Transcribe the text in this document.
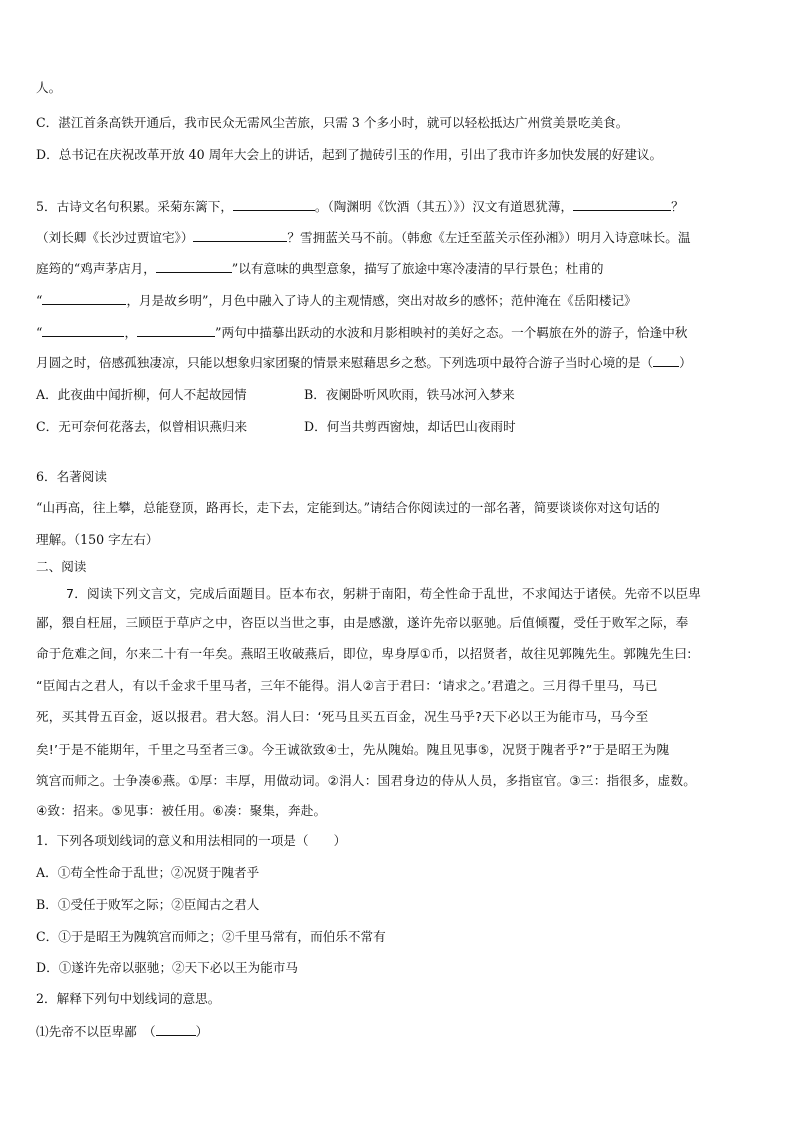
人。
C．湛江首条高铁开通后，我市民众无需风尘苦旅，只需 3 个多小时，就可以轻松抵达广州赏美景吃美食。
D．总书记在庆祝改革开放 40 周年大会上的讲话，起到了抛砖引玉的作用，引出了我市许多加快发展的好建议。
5．古诗文名句积累。采菊东篱下，	。（陶渊明《饮酒（其五）》）汉文有道恩犹薄，	？
（刘长卿《长沙过贾谊宅》）	？雪拥蓝关马不前。（韩愈《左迁至蓝关示侄孙湘》）明月入诗意味长。温
庭筠的“鸡声茅店月，	”以有意味的典型意象，描写了旅途中寒冷凄清的早行景色；杜甫的
“	，月是故乡明”，月色中融入了诗人的主观情感，突出对故乡的感怀；范仲淹在《岳阳楼记》
“	，	”两句中描摹出跃动的水波和月影相映衬的美好之态。一个羁旅在外的游子，恰逢中秋
月圆之时，倍感孤独凄凉，只能以想象归家团聚的情景来慰藉思乡之愁。下列选项中最符合游子当时心境的是（ ）
A．此夜曲中闻折柳，何人不起故园情	B．夜阑卧听风吹雨，铁马冰河入梦来
C．无可奈何花落去，似曾相识燕归来	D．何当共剪西窗烛，却话巴山夜雨时
6．名著阅读
“山再高，往上攀，总能登顶，路再长，走下去，定能到达。”请结合你阅读过的一部名著，简要谈谈你对这句话的
理解。（150 字左右）
二、阅读
7．阅读下列文言文，完成后面题目。臣本布衣，躬耕于南阳，苟全性命于乱世，不求闻达于诸侯。先帝不以臣卑
鄙，猥自枉屈，三顾臣于草庐之中，咨臣以当世之事，由是感激，遂许先帝以驱驰。后值倾覆，受任于败军之际，奉
命于危难之间，尔来二十有一年矣。燕昭王收破燕后，即位，卑身厚①币，以招贤者，故往见郭隗先生。郭隗先生曰:
“臣闻古之君人，有以千金求千里马者，三年不能得。涓人②言于君曰：‘请求之。’君遣之。三月得千里马，马已
死，买其骨五百金，返以报君。君大怒。涓人曰：‘死马且买五百金，况生马乎?天下必以王为能市马，马今至
矣!’于是不能期年，千里之马至者三③。今王诚欲致④士，先从隗始。隗且见事⑤，况贤于隗者乎?”于是昭王为隗
筑宫而师之。士争凑⑥燕。①厚：丰厚，用做动词。②涓人：国君身边的侍从人员，多指宦官。③三：指很多，虚数。
④致：招来。⑤见事：被任用。⑥凑：聚集，奔赴。
1．下列各项划线词的意义和用法相同的一项是（　　）
A．①苟全性命于乱世；②况贤于隗者乎
B．①受任于败军之际；②臣闻古之君人
C．①于是昭王为隗筑宫而师之；②千里马常有，而伯乐不常有
D．①遂许先帝以驱驰；②天下必以王为能市马
2．解释下列句中划线词的意思。
⑴先帝不以臣卑鄙　（	）
